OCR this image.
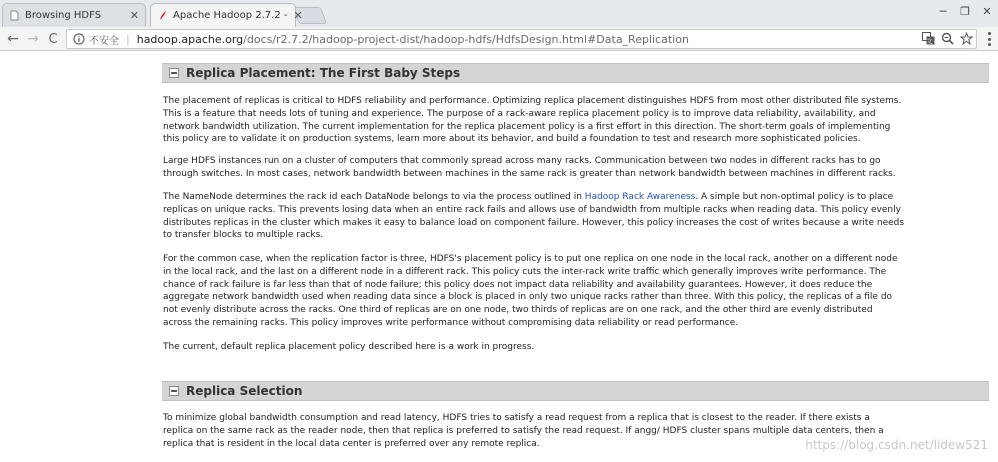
Browsing HDFS	✕	Apache Hadoop 2.7.2 - ✕	─	❐	✕
← → C	不安全 | hadoop.apache.org /docs/r2.7.2/hadoop-project-dist/hadoop-hdfs/HdfsDesign.html#Data_Replication	文
Replica Placement: The First Baby Steps
The placement of replicas is critical to HDFS reliability and performance. Optimizing replica placement distinguishes HDFS from most other distributed file systems.
This is a feature that needs lots of tuning and experience. The purpose of a rack-aware replica placement policy is to improve data reliability, availability, and
network bandwidth utilization. The current implementation for the replica placement policy is a first effort in this direction. The short-term goals of implementing
this policy are to validate it on production systems, learn more about its behavior, and build a foundation to test and research more sophisticated policies.
Large HDFS instances run on a cluster of computers that commonly spread across many racks. Communication between two nodes in different racks has to go
through switches. In most cases, network bandwidth between machines in the same rack is greater than network bandwidth between machines in different racks.
The NameNode determines the rack id each DataNode belongs to via the process outlined in Hadoop Rack Awareness. A simple but non-optimal policy is to place
replicas on unique racks. This prevents losing data when an entire rack fails and allows use of bandwidth from multiple racks when reading data. This policy evenly
distributes replicas in the cluster which makes it easy to balance load on component failure. However, this policy increases the cost of writes because a write needs
to transfer blocks to multiple racks.
For the common case, when the replication factor is three, HDFS's placement policy is to put one replica on one node in the local rack, another on a different node
in the local rack, and the last on a different node in a different rack. This policy cuts the inter-rack write traffic which generally improves write performance. The
chance of rack failure is far less than that of node failure; this policy does not impact data reliability and availability guarantees. However, it does reduce the
aggregate network bandwidth used when reading data since a block is placed in only two unique racks rather than three. With this policy, the replicas of a file do
not evenly distribute across the racks. One third of replicas are on one node, two thirds of replicas are on one rack, and the other third are evenly distributed
across the remaining racks. This policy improves write performance without compromising data reliability or read performance.
The current, default replica placement policy described here is a work in progress.
Replica Selection
To minimize global bandwidth consumption and read latency, HDFS tries to satisfy a read request from a replica that is closest to the reader. If there exists a
replica on the same rack as the reader node, then that replica is preferred to satisfy the read request. If angg/ HDFS cluster spans multiple data centers, then a
replica that is resident in the local data center is preferred over any remote replica.	https://blog.csdn.net/lidew521
